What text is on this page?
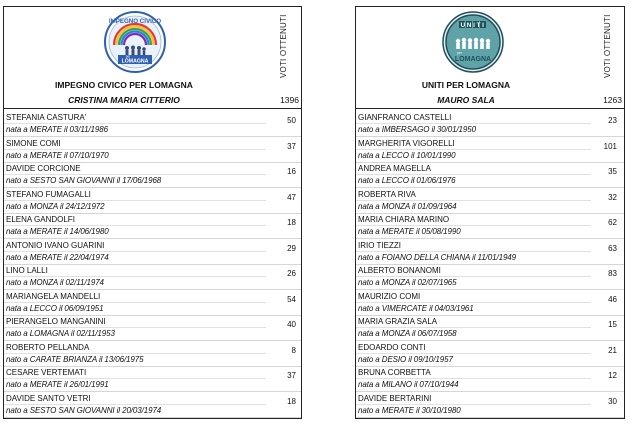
IMPEGNO CIVICO
per
LOMAGNA	VOTI OTTENUTI
IMPEGNO CIVICO PER LOMAGNA
CRISTINA MARIA CITTERIO	1396
STEFANIA CASTURA'
nata a MERATE il 03/11/1986
50
SIMONE COMI
nato a MERATE il 07/10/1970
37
DAVIDE CORCIONE
nato a SESTO SAN GIOVANNI il 17/06/1968
16
STEFANO FUMAGALLI
nato a MONZA il 24/12/1972
47
ELENA GANDOLFI
nata a MERATE il 14/06/1980
18
ANTONIO IVANO GUARINI
nato a MERATE il 22/04/1974
29
LINO LALLI
nato a MONZA il 02/11/1974
26
MARIANGELA MANDELLI
nata a LECCO il 06/09/1951
54
PIERANGELO MANGANINI
nato a LOMAGNA il 02/11/1953
40
ROBERTO PELLANDA
nato a CARATE BRIANZA il 13/06/1975
8
CESARE VERTEMATI
nato a MERATE il 26/01/1991
37
DAVIDE SANTO VETRI
nato a SESTO SAN GIOVANNI il 20/03/1974
18
UNITI
per
LOMAGNA	VOTI OTTENUTI
UNITI PER LOMAGNA
MAURO SALA	1263
GIANFRANCO CASTELLI
nato a IMBERSAGO il 30/01/1950
23
MARGHERITA VIGORELLI
nata a LECCO il 10/01/1990
101
ANDREA MAGELLA
nato a LECCO il 01/06/1976
35
ROBERTA RIVA
nata a MONZA il 01/09/1964
32
MARIA CHIARA MARINO
nata a MERATE il 05/08/1990
62
IRIO TIEZZI
nato a FOIANO DELLA CHIANA il 11/01/1949
63
ALBERTO BONANOMI
nato a MONZA il 02/07/1965
83
MAURIZIO COMI
nato a VIMERCATE il 04/03/1961
46
MARIA GRAZIA SALA
nata a MONZA il 06/07/1958
15
EDOARDO CONTI
nato a DESIO il 09/10/1957
21
BRUNA CORBETTA
nata a MILANO il 07/10/1944
12
DAVIDE BERTARINI
nato a MERATE il 30/10/1980
30
